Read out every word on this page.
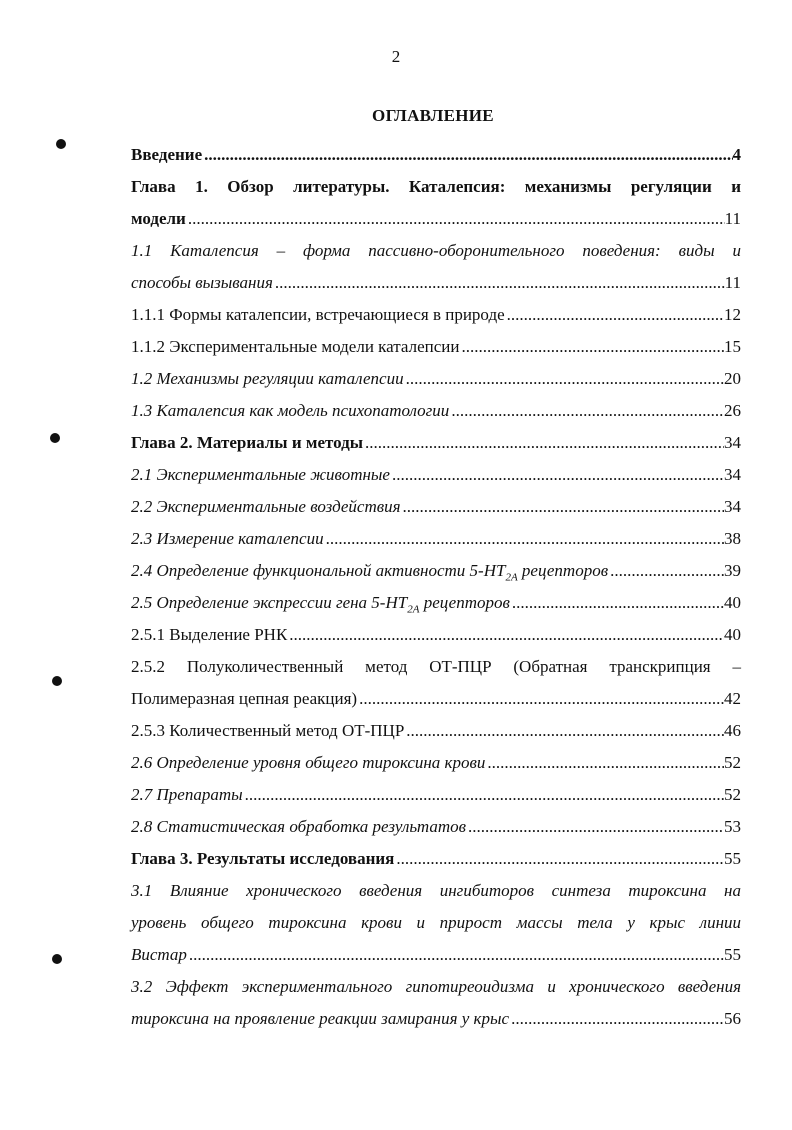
2
ОГЛАВЛЕНИЕ
Введение .....	4
Глава 1. Обзор литературы. Каталепсия: механизмы регуляции и
модели .....	11
1.1 Каталепсия – форма пассивно-оборонительного поведения: виды и
способы вызывания .....	11
1.1.1 Формы каталепсии, встречающиеся в природе .....	12
1.1.2 Экспериментальные модели каталепсии .....	15
1.2 Механизмы регуляции каталепсии .....	20
1.3 Каталепсия как модель психопатологии .....	26
Глава 2. Материалы и методы .....	34
2.1 Экспериментальные животные .....	34
2.2 Экспериментальные воздействия .....	34
2.3 Измерение каталепсии .....	38
2.4 Определение функциональной активности $5-НТ_{2A}$ рецепторов .....	39
2.5 Определение экспрессии гена $5-НТ_{2A}$ рецепторов .....	40
2.5.1 Выделение РНК .....	40
2.5.2 Полуколичественный метод ОТ-ПЦР (Обратная транскрипция –
Полимеразная цепная реакция) .....	42
2.5.3 Количественный метод ОТ-ПЦР .....	46
2.6 Определение уровня общего тироксина крови .....	52
2.7 Препараты .....	52
2.8 Статистическая обработка результатов .....	53
Глава 3. Результаты исследования .....	55
3.1 Влияние хронического введения ингибиторов синтеза тироксина на
уровень общего тироксина крови и прирост массы тела у крыс линии
Вистар .....	55
3.2 Эффект экспериментального гипотиреоидизма и хронического введения
тироксина на проявление реакции замирания у крыс .....	56
